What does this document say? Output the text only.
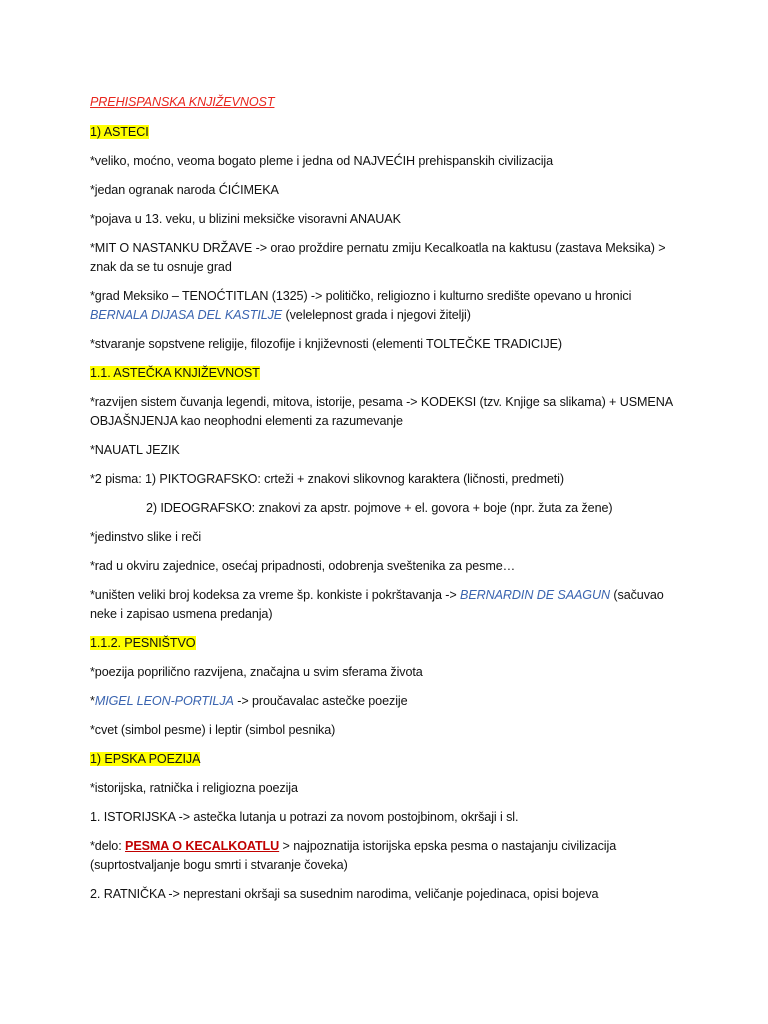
PREHISPANSKA KNJIŽEVNOST
1) ASTECI
*veliko, moćno, veoma bogato pleme i jedna od NAJVEĆIH prehispanskih civilizacija
*jedan ogranak naroda ĆIĆIMEKA
*pojava u 13. veku, u blizini meksičke visoravni ANAUAK
*MIT O NASTANKU DRŽAVE -> orao proždire pernatu zmiju Kecalkoatla na kaktusu (zastava Meksika) >
znak da se tu osnuje grad
*grad Meksiko – TENOĆTITLAN (1325) -> političko, religiozno i kulturno središte opevano u hronici
BERNALA DIJASA DEL KASTILJE (velelepnost grada i njegovi žitelji)
*stvaranje sopstvene religije, filozofije i književnosti (elementi TOLTEČKE TRADICIJE)
1.1. ASTEČKA KNJIŽEVNOST
*razvijen sistem čuvanja legendi, mitova, istorije, pesama -> KODEKSI (tzv. Knjige sa slikama) + USMENA
OBJAŠNJENJA kao neophodni elementi za razumevanje
*NAUATL JEZIK
*2 pisma: 1) PIKTOGRAFSKO: crteži + znakovi slikovnog karaktera (ličnosti, predmeti)
2) IDEOGRAFSKO: znakovi za apstr. pojmove + el. govora + boje (npr. žuta za žene)
*jedinstvo slike i reči
*rad u okviru zajednice, osećaj pripadnosti, odobrenja sveštenika za pesme…
*uništen veliki broj kodeksa za vreme šp. konkiste i pokrštavanja -> BERNARDIN DE SAAGUN (sačuvao
neke i zapisao usmena predanja)
1.1.2. PESNIŠTVO
*poezija poprilično razvijena, značajna u svim sferama života
*MIGEL LEON-PORTILJA -> proučavalac astečke poezije
*cvet (simbol pesme) i leptir (simbol pesnika)
1) EPSKA POEZIJA
*istorijska, ratnička i religiozna poezija
1. ISTORIJSKA -> astečka lutanja u potrazi za novom postojbinom, okršaji i sl.
*delo: PESMA O KECALKOATLU > najpoznatija istorijska epska pesma o nastajanju civilizacija
(suprtostvaljanje bogu smrti i stvaranje čoveka)
2. RATNIČKA -> neprestani okršaji sa susednim narodima, veličanje pojedinaca, opisi bojeva
